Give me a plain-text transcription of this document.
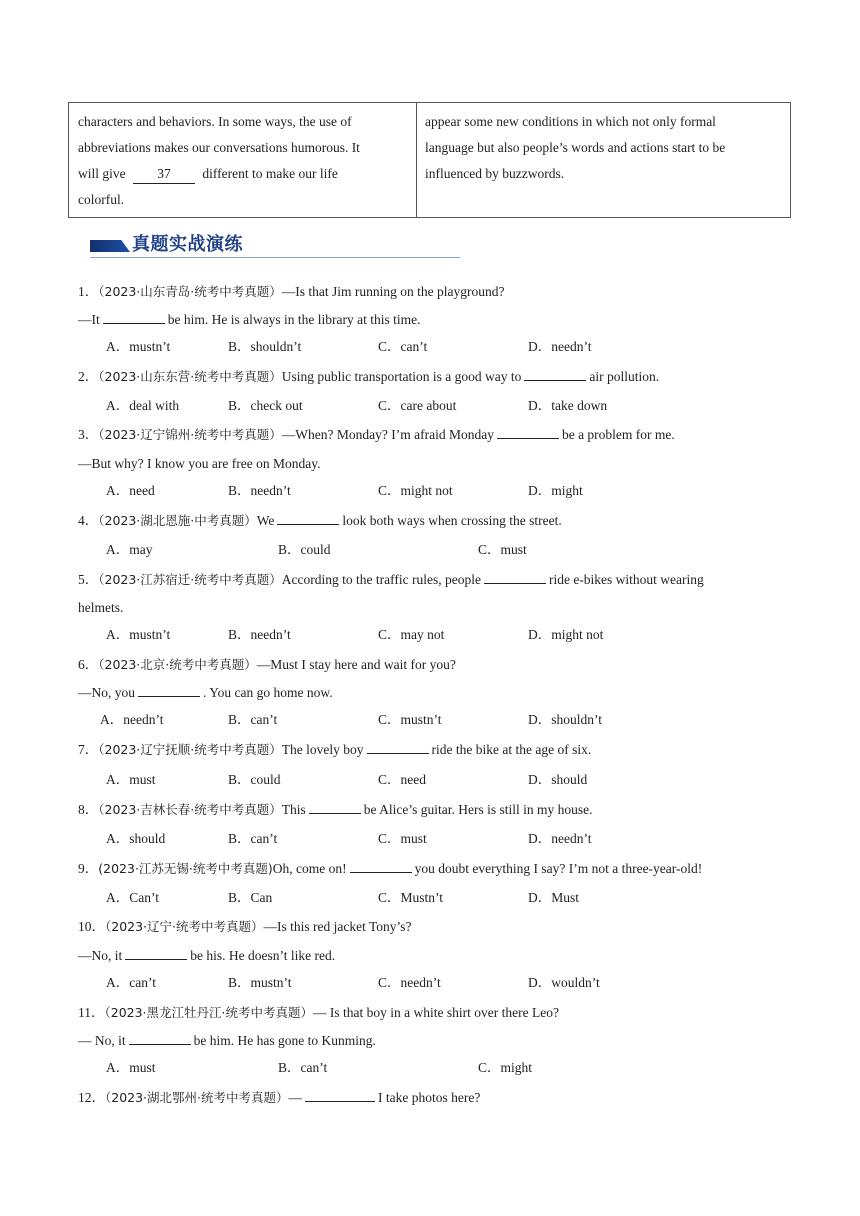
characters and behaviors. In some ways, the use of
abbreviations makes our conversations humorous. It
will give 37 different to make our life
colorful.
appear some new conditions in which not only formal
language but also people’s words and actions start to be
influenced by buzzwords.
真题实战演练
1．（2023·山东青岛·统考中考真题）—Is that Jim running on the playground?
—It	be him. He is always in the library at this time.
A．mustn’t	B．shouldn’t	C．can’t	D．needn’t
2．（2023·山东东营·统考中考真题）Using public transportation is a good way to	air pollution.
A．deal with	B．check out	C．care about	D．take down
3．（2023·辽宁锦州·统考中考真题）—When? Monday? I’m afraid Monday	be a problem for me.
—But why? I know you are free on Monday.
A．need	B．needn’t	C．might not	D．might
4．（2023·湖北恩施·中考真题）We	look both ways when crossing the street.
A．may	B．could	C．must
5．（2023·江苏宿迁·统考中考真题）According to the traffic rules, people	ride e-bikes without wearing
helmets.
A．mustn’t	B．needn’t	C．may not	D．might not
6．（2023·北京·统考中考真题）—Must I stay here and wait for you?
—No, you	. You can go home now.
A．needn’t	B．can’t	C．mustn’t	D．shouldn’t
7．（2023·辽宁抚顺·统考中考真题）The lovely boy	ride the bike at the age of six.
A．must	B．could	C．need	D．should
8．（2023·吉林长春·统考中考真题）This	be Alice’s guitar. Hers is still in my house.
A．should	B．can’t	C．must	D．needn’t
9．(2023·江苏无锡·统考中考真题)Oh, come on!	you doubt everything I say? I’m not a three-year-old!
A．Can’t	B．Can	C．Mustn’t	D．Must
10．（2023·辽宁·统考中考真题）—Is this red jacket Tony’s?
—No, it	be his. He doesn’t like red.
A．can’t	B．mustn’t	C．needn’t	D．wouldn’t
11．（2023·黑龙江牡丹江·统考中考真题）— Is that boy in a white shirt over there Leo?
— No, it	be him. He has gone to Kunming.
A．must	B．can’t	C．might
12．（2023·湖北鄂州·统考中考真题）—	I take photos here?
